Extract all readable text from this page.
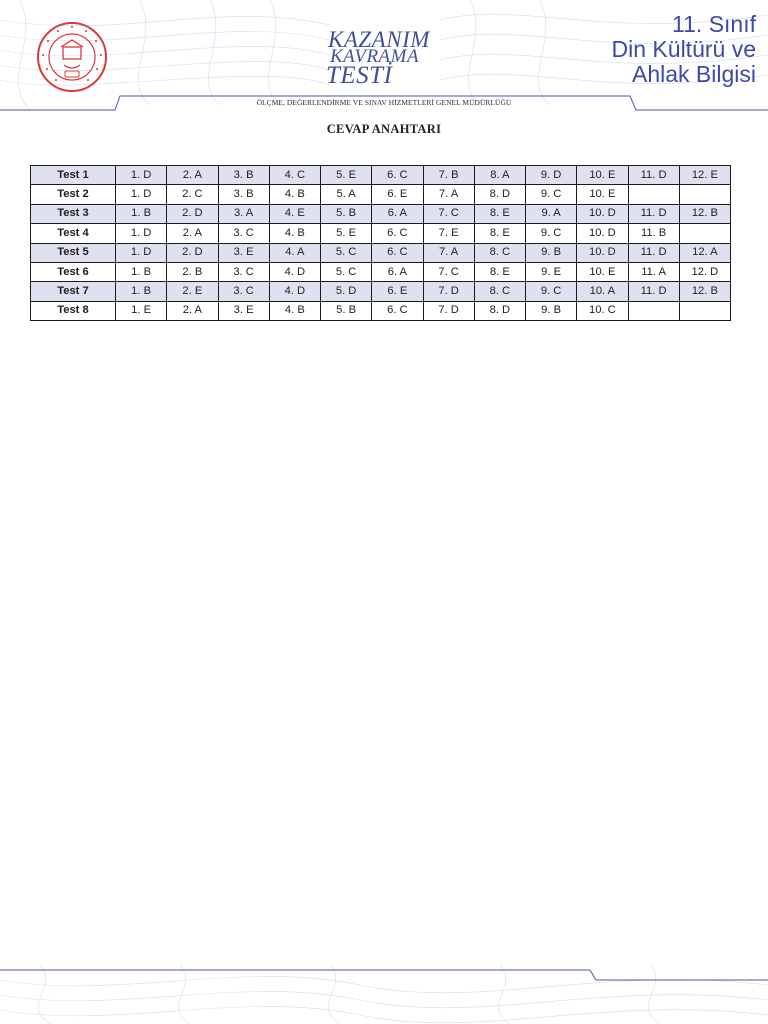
KAZANIM
KAVRAMA
TESTİ
11. Sınıf
Din Kültürü ve
Ahlak Bilgisi
ÖLÇME, DEĞERLENDİRME VE SINAV HİZMETLERİ GENEL MÜDÜRLÜĞÜ
CEVAP ANAHTARI
Test 1	1. D	2. A	3. B	4. C	5. E	6. C	7. B	8. A	9. D	10. E	11. D	12. E
Test 2	1. D	2. C	3. B	4. B	5. A	6. E	7. A	8. D	9. C	10. E		
Test 3	1. B	2. D	3. A	4. E	5. B	6. A	7. C	8. E	9. A	10. D	11. D	12. B
Test 4	1. D	2. A	3. C	4. B	5. E	6. C	7. E	8. E	9. C	10. D	11. B	
Test 5	1. D	2. D	3. E	4. A	5. C	6. C	7. A	8. C	9. B	10. D	11. D	12. A
Test 6	1. B	2. B	3. C	4. D	5. C	6. A	7. C	8. E	9. E	10. E	11. A	12. D
Test 7	1. B	2. E	3. C	4. D	5. D	6. E	7. D	8. C	9. C	10. A	11. D	12. B
Test 8	1. E	2. A	3. E	4. B	5. B	6. C	7. D	8. D	9. B	10. C		
